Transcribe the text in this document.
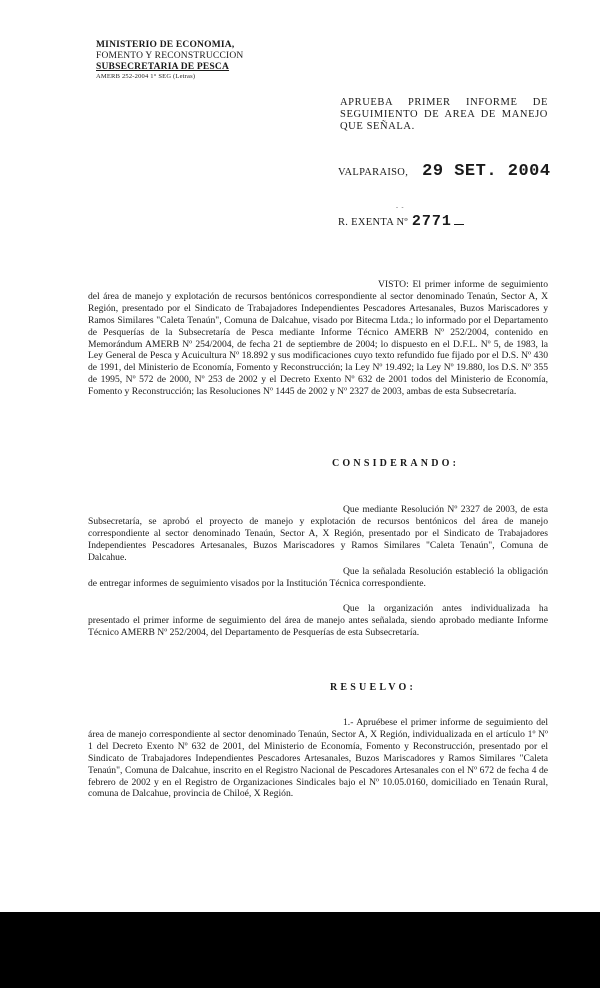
MINISTERIO DE ECONOMIA,
FOMENTO Y RECONSTRUCCION
SUBSECRETARIA DE PESCA
AMERB 252-2004 1° SEG (Letras)
APRUEBA PRIMER INFORME DE SEGUIMIENTO DE AREA DE MANEJO QUE SEÑALA.
VALPARAISO, 29 SET. 2004
- -
R. EXENTA Nº 2771

VISTO: El primer informe de seguimiento del área de manejo y explotación de recursos bentónicos correspondiente al sector denominado Tenaún, Sector A, X Región, presentado por el Sindicato de Trabajadores Independientes Pescadores Artesanales, Buzos Mariscadores y Ramos Similares "Caleta Tenaún", Comuna de Dalcahue, visado por Bitecma Ltda.; lo informado por el Departamento de Pesquerías de la Subsecretaría de Pesca mediante Informe Técnico AMERB Nº 252/2004, contenido en Memorándum AMERB Nº 254/2004, de fecha 21 de septiembre de 2004; lo dispuesto en el D.F.L. Nº 5, de 1983, la Ley General de Pesca y Acuicultura Nº 18.892 y sus modificaciones cuyo texto refundido fue fijado por el D.S. Nº 430 de 1991, del Ministerio de Economía, Fomento y Reconstrucción; la Ley Nº 19.492; la Ley Nº 19.880, los D.S. Nº 355 de 1995, Nº 572 de 2000, Nº 253 de 2002 y el Decreto Exento Nº 632 de 2001 todos del Ministerio de Economía, Fomento y Reconstrucción; las Resoluciones Nº 1445 de 2002 y Nº 2327 de 2003, ambas de esta Subsecretaría.

CONSIDERANDO:

Que mediante Resolución Nº 2327 de 2003, de esta Subsecretaría, se aprobó el proyecto de manejo y explotación de recursos bentónicos del área de manejo correspondiente al sector denominado Tenaún, Sector A, X Región, presentado por el Sindicato de Trabajadores Independientes Pescadores Artesanales, Buzos Mariscadores y Ramos Similares "Caleta Tenaún", Comuna de Dalcahue.

Que la señalada Resolución estableció la obligación de entregar informes de seguimiento visados por la Institución Técnica correspondiente.

Que la organización antes individualizada ha presentado el primer informe de seguimiento del área de manejo antes señalada, siendo aprobado mediante Informe Técnico AMERB Nº 252/2004, del Departamento de Pesquerías de esta Subsecretaría.

RESUELVO:

1.- Apruébese el primer informe de seguimiento del área de manejo correspondiente al sector denominado Tenaún, Sector A, X Región, individualizada en el artículo 1º Nº 1 del Decreto Exento Nº 632 de 2001, del Ministerio de Economía, Fomento y Reconstrucción, presentado por el Sindicato de Trabajadores Independientes Pescadores Artesanales, Buzos Mariscadores y Ramos Similares "Caleta Tenaún", Comuna de Dalcahue, inscrito en el Registro Nacional de Pescadores Artesanales con el Nº 672 de fecha 4 de febrero de 2002 y en el Registro de Organizaciones Sindicales bajo el Nº 10.05.0160, domiciliado en Tenaún Rural, comuna de Dalcahue, provincia de Chiloé, X Región.
